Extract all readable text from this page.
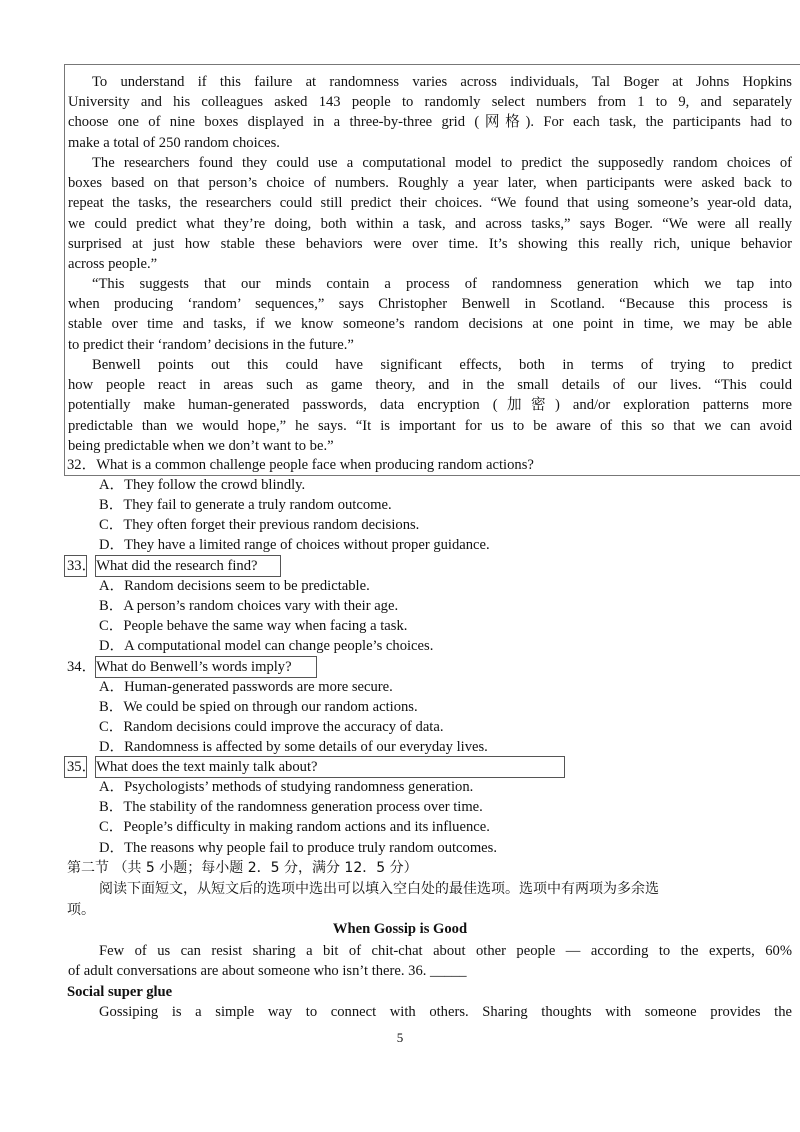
To understand if this failure at randomness varies across individuals, Tal Boger at Johns Hopkins
University and his colleagues asked 143 people to randomly select numbers from 1 to 9, and separately
choose one of nine boxes displayed in a three-by-three grid (网格). For each task, the participants had to
make a total of 250 random choices.
The researchers found they could use a computational model to predict the supposedly random choices of
boxes based on that person’s choice of numbers. Roughly a year later, when participants were asked back to
repeat the tasks, the researchers could still predict their choices. “We found that using someone’s year-old data,
we could predict what they’re doing, both within a task, and across tasks,” says Boger. “We were all really
surprised at just how stable these behaviors were over time. It’s showing this really rich, unique behavior
across people.”
“This suggests that our minds contain a process of randomness generation which we tap into
when producing ‘random’ sequences,” says Christopher Benwell in Scotland. “Because this process is
stable over time and tasks, if we know someone’s random decisions at one point in time, we may be able
to predict their ‘random’ decisions in the future.”
Benwell points out this could have significant effects, both in terms of trying to predict
how people react in areas such as game theory, and in the small details of our lives. “This could
potentially make human-generated passwords, data encryption (加密) and/or exploration patterns more
predictable than we would hope,” he says. “It is important for us to be aware of this so that we can avoid
being predictable when we don’t want to be.”
32．What is a common challenge people face when producing random actions?
A．They follow the crowd blindly.
B．They fail to generate a truly random outcome.
C．They often forget their previous random decisions.
D．They have a limited range of choices without proper guidance.
33．What did the research find?
A．Random decisions seem to be predictable.
B．A person’s random choices vary with their age.
C．People behave the same way when facing a task.
D．A computational model can change people’s choices.
34．What do Benwell’s words imply?
A．Human-generated passwords are more secure.
B．We could be spied on through our random actions.
C．Random decisions could improve the accuracy of data.
D．Randomness is affected by some details of our everyday lives.
35．What does the text mainly talk about?
A．Psychologists’ methods of studying randomness generation.
B．The stability of the randomness generation process over time.
C．People’s difficulty in making random actions and its influence.
D．The reasons why people fail to produce truly random outcomes.
第二节 （共 5 小题；每小题 2．5 分，满分 12．5 分）
阅读下面短文，从短文后的选项中选出可以填入空白处的最佳选项。选项中有两项为多余选
项。
When Gossip is Good
Few of us can resist sharing a bit of chit-chat about other people — according to the experts, 60%
of adult conversations are about someone who isn’t there. 36. _____
Social super glue
Gossiping is a simple way to connect with others. Sharing thoughts with someone provides the
5
